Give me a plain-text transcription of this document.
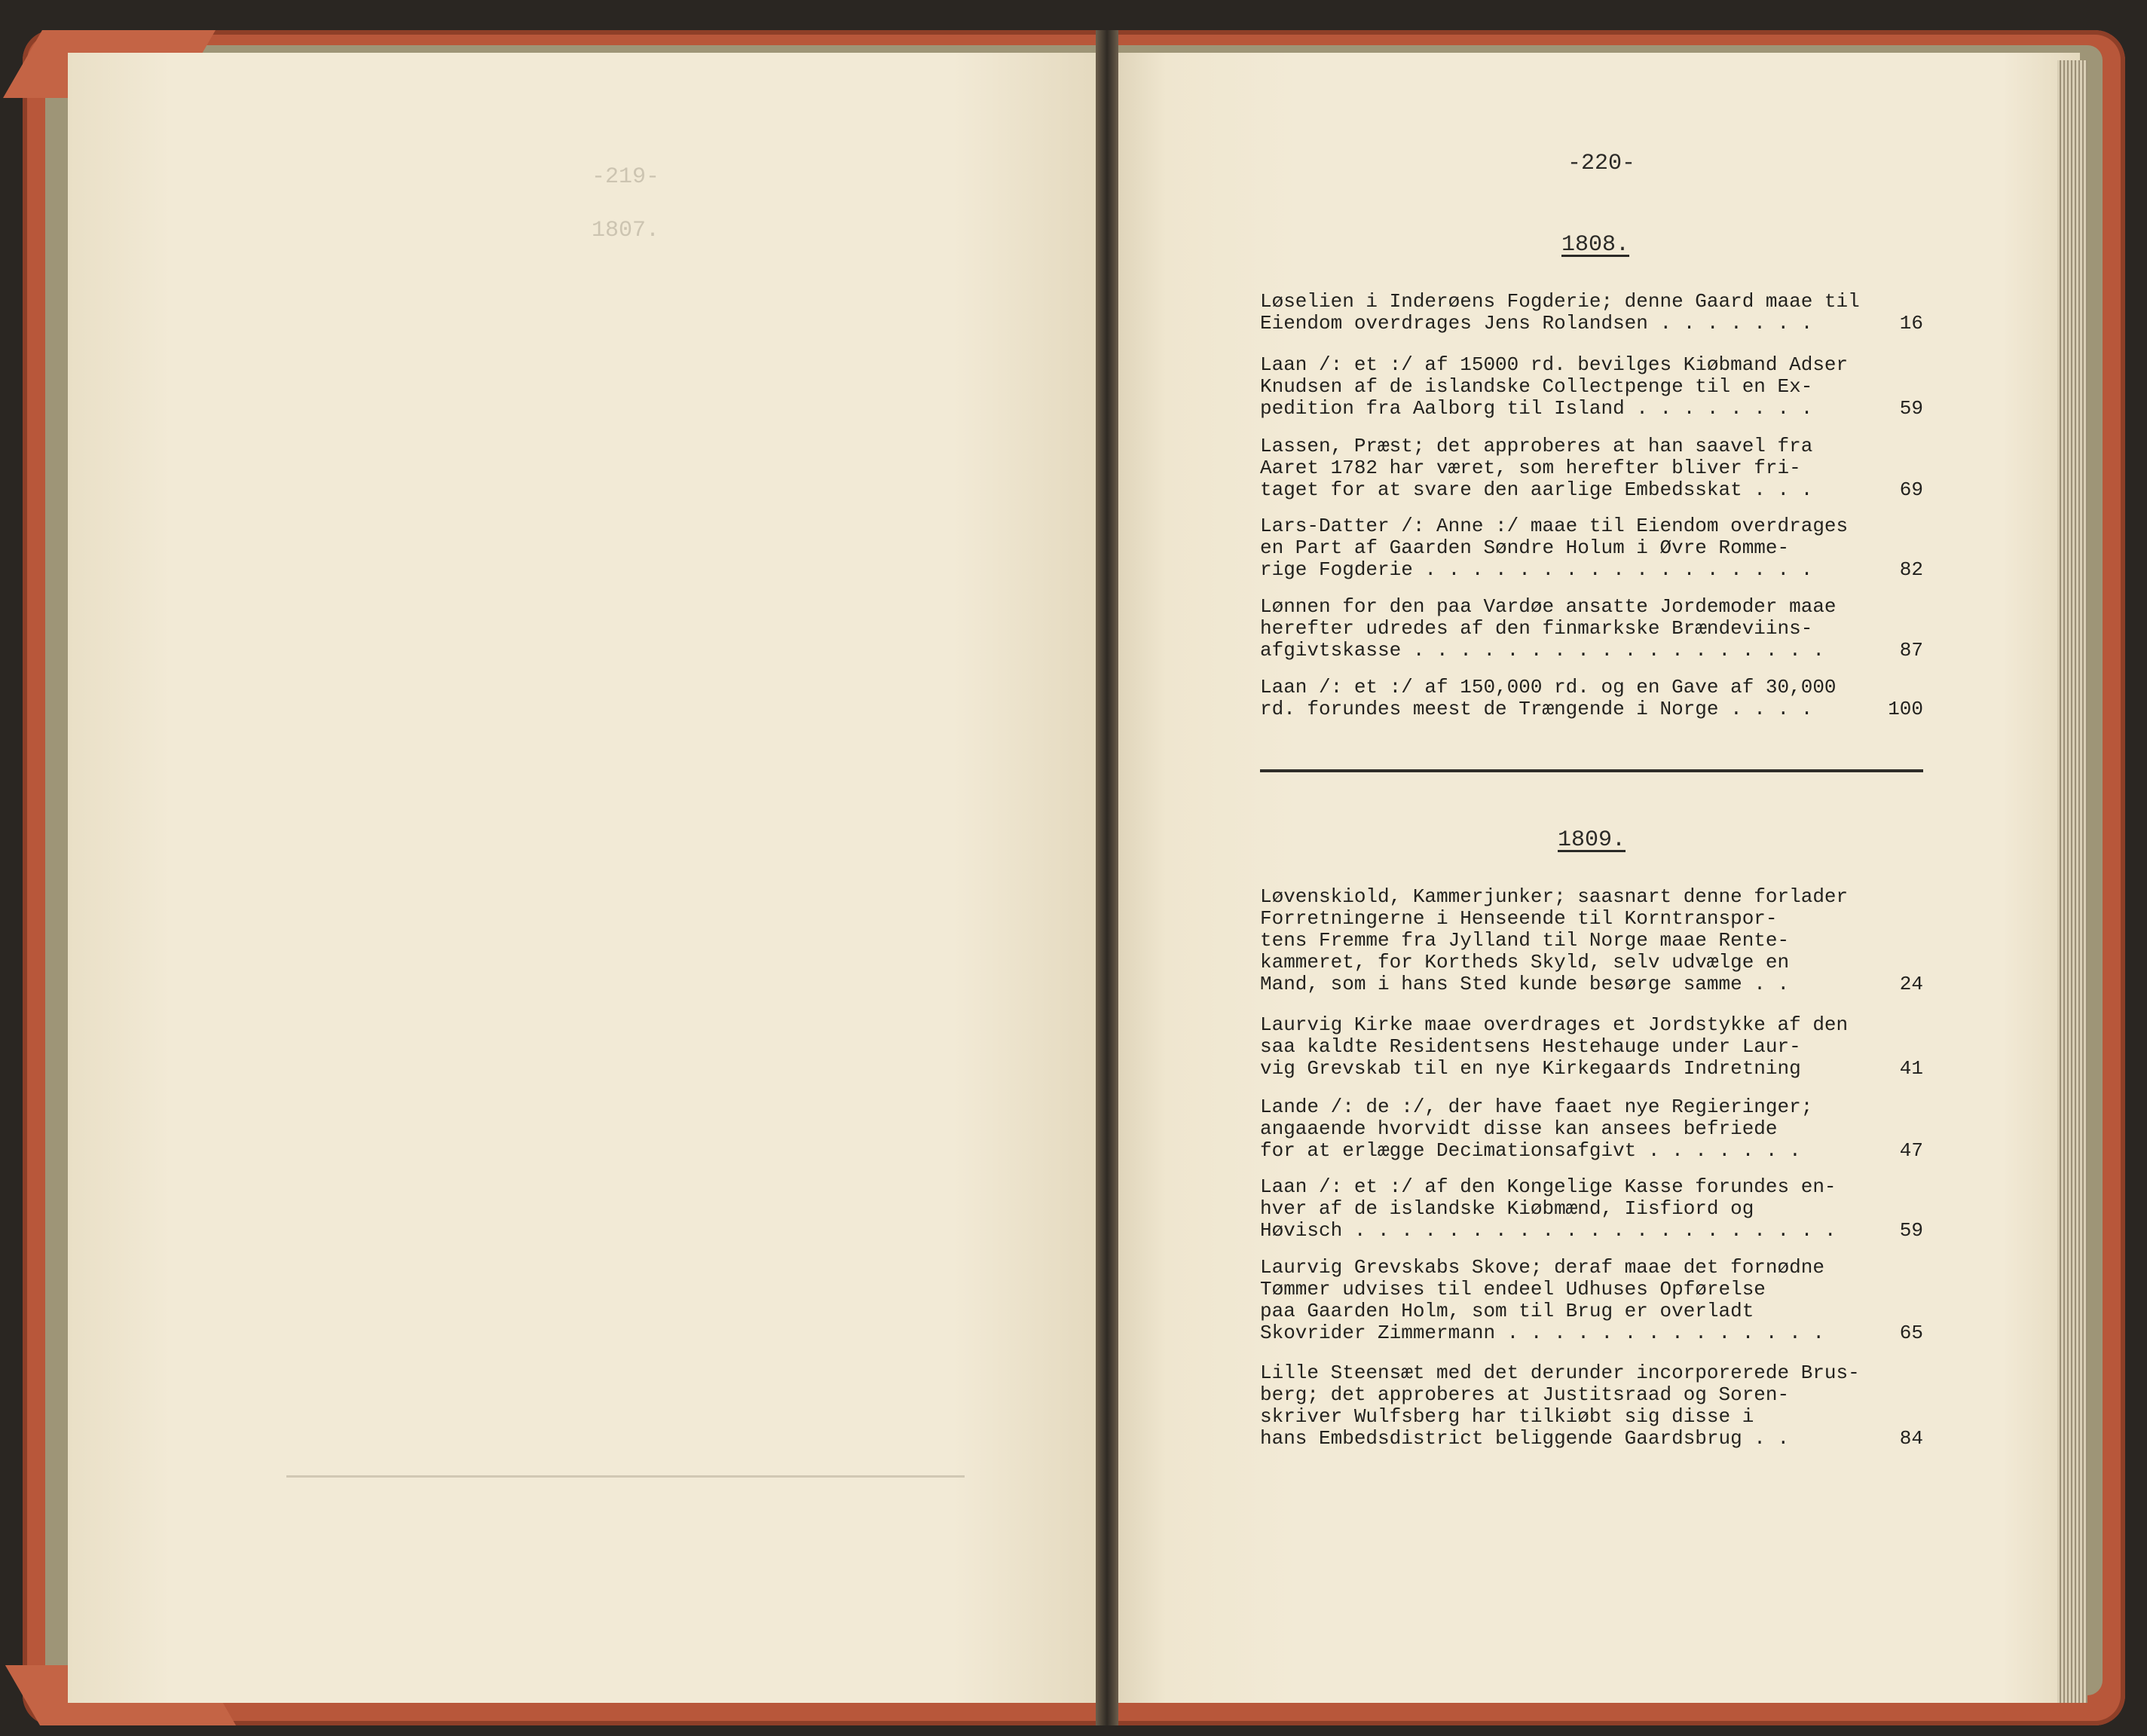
-219-
1807.
-220-
1808.
Løselien i Inderøens Fogderie; denne Gaard maae til
Eiendom overdrages Jens Rolandsen . . . . . . .	16
Laan /: et :/ af 15000 rd. bevilges Kiøbmand Adser
Knudsen af de islandske Collectpenge til en Ex-
pedition fra Aalborg til Island . . . . . . . .	59
Lassen, Præst; det approberes at han saavel fra
Aaret 1782 har været, som herefter bliver fri-
taget for at svare den aarlige Embedsskat . . .	69
Lars-Datter /: Anne :/ maae til Eiendom overdrages
en Part af Gaarden Søndre Holum i Øvre Romme-
rige Fogderie . . . . . . . . . . . . . . . . .	82
Lønnen for den paa Vardøe ansatte Jordemoder maae
herefter udredes af den finmarkske Brændeviins-
afgivtskasse . . . . . . . . . . . . . . . . . .	87
Laan /: et :/ af 150,000 rd. og en Gave af 30,000
rd. forundes meest de Trængende i Norge . . . .	100
1809.
Løvenskiold, Kammerjunker; saasnart denne forlader
Forretningerne i Henseende til Korntranspor-
tens Fremme fra Jylland til Norge maae Rente-
kammeret, for Kortheds Skyld, selv udvælge en
Mand, som i hans Sted kunde besørge samme . .	24
Laurvig Kirke maae overdrages et Jordstykke af den
saa kaldte Residentsens Hestehauge under Laur-
vig Grevskab til en nye Kirkegaards Indretning	41
Lande /: de :/, der have faaet nye Regieringer;
angaaende hvorvidt disse kan ansees befriede
for at erlægge Decimationsafgivt . . . . . . .	47
Laan /: et :/ af den Kongelige Kasse forundes en-
hver af de islandske Kiøbmænd, Iisfiord og
Høvisch . . . . . . . . . . . . . . . . . . . . .	59
Laurvig Grevskabs Skove; deraf maae det fornødne
Tømmer udvises til endeel Udhuses Opførelse
paa Gaarden Holm, som til Brug er overladt
Skovrider Zimmermann . . . . . . . . . . . . . .	65
Lille Steensæt med det derunder incorporerede Brus-
berg; det approberes at Justitsraad og Soren-
skriver Wulfsberg har tilkiøbt sig disse i
hans Embedsdistrict beliggende Gaardsbrug . .	84
